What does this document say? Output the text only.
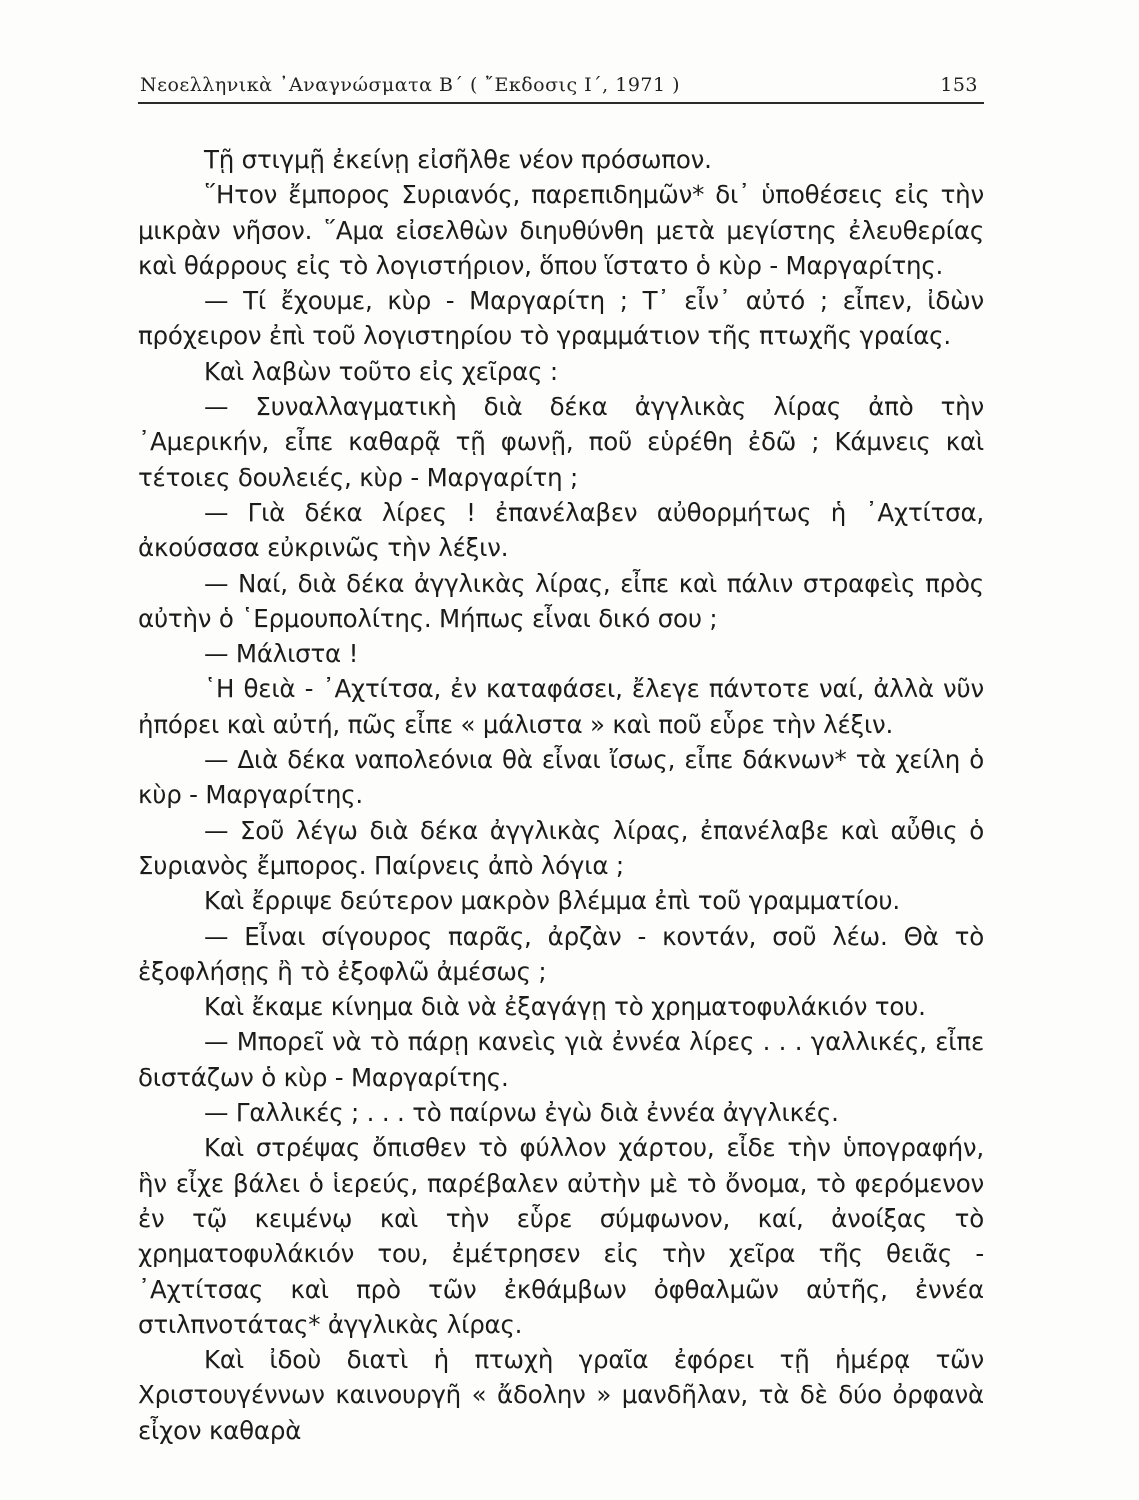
Νεοελληνικὰ ᾽Αναγνώσματα Β΄ ( ῎Εκδοσις Ι΄, 1971 )	153

Τῇ στιγμῇ ἐκείνῃ εἰσῆλθε νέον πρόσωπον.

῞Ητον ἔμπορος Συριανός, παρεπιδημῶν* δι᾽ ὑποθέσεις εἰς τὴν μικρὰν νῆσον. ῞Αμα εἰσελθὼν διηυθύνθη μετὰ μεγίστης ἐλευθερίας καὶ θάρρους εἰς τὸ λογιστήριον, ὅπου ἵστατο ὁ κὺρ - Μαργαρίτης.

— Τί ἔχουμε, κὺρ - Μαργαρίτη ; Τ᾽ εἶν᾽ αὐτό ; εἶπεν, ἰδὼν πρόχειρον ἐπὶ τοῦ λογιστηρίου τὸ γραμμάτιον τῆς πτωχῆς γραίας.

Καὶ λαβὼν τοῦτο εἰς χεῖρας :

— Συναλλαγματικὴ διὰ δέκα ἀγγλικὰς λίρας ἀπὸ τὴν ᾽Αμερικήν, εἶπε καθαρᾷ τῇ φωνῇ, ποῦ εὑρέθη ἐδῶ ; Κάμνεις καὶ τέτοιες δουλειές, κὺρ - Μαργαρίτη ;

— Γιὰ δέκα λίρες ! ἐπανέλαβεν αὐθορμήτως ἡ ᾽Αχτίτσα, ἀκούσασα εὐκρινῶς τὴν λέξιν.

— Ναί, διὰ δέκα ἀγγλικὰς λίρας, εἶπε καὶ πάλιν στραφεὶς πρὸς αὐτὴν ὁ ῾Ερμουπολίτης. Μήπως εἶναι δικό σου ;

— Μάλιστα !

῾Η θειὰ - ᾽Αχτίτσα, ἐν καταφάσει, ἔλεγε πάντοτε ναί, ἀλλὰ νῦν ἠπόρει καὶ αὐτή, πῶς εἶπε « μάλιστα » καὶ ποῦ εὗρε τὴν λέξιν.

— Διὰ δέκα ναπολεόνια θὰ εἶναι ἴσως, εἶπε δάκνων* τὰ χείλη ὁ κὺρ - Μαργαρίτης.

— Σοῦ λέγω διὰ δέκα ἀγγλικὰς λίρας, ἐπανέλαβε καὶ αὖθις ὁ Συριανὸς ἔμπορος. Παίρνεις ἀπὸ λόγια ;

Καὶ ἔρριψε δεύτερον μακρὸν βλέμμα ἐπὶ τοῦ γραμματίου.

— Εἶναι σίγουρος παρᾶς, ἀρζὰν - κοντάν, σοῦ λέω. Θὰ τὸ ἐξοφλήσῃς ἢ τὸ ἐξοφλῶ ἀμέσως ;

Καὶ ἔκαμε κίνημα διὰ νὰ ἐξαγάγῃ τὸ χρηματοφυλάκιόν του.

— Μπορεῖ νὰ τὸ πάρῃ κανεὶς γιὰ ἐννέα λίρες . . . γαλλικές, εἶπε διστάζων ὁ κὺρ - Μαργαρίτης.

— Γαλλικές ; . . . τὸ παίρνω ἐγὼ διὰ ἐννέα ἀγγλικές.

Καὶ στρέψας ὄπισθεν τὸ φύλλον χάρτου, εἶδε τὴν ὑπογραφήν, ἣν εἶχε βάλει ὁ ἱερεύς, παρέβαλεν αὐτὴν μὲ τὸ ὄνομα, τὸ φερόμενον ἐν τῷ κειμένῳ καὶ τὴν εὗρε σύμφωνον, καί, ἀνοίξας τὸ χρηματοφυλάκιόν του, ἐμέτρησεν εἰς τὴν χεῖρα τῆς θειᾶς - ᾽Αχτίτσας καὶ πρὸ τῶν ἐκθάμβων ὀφθαλμῶν αὐτῆς, ἐννέα στιλπνοτάτας* ἀγγλικὰς λίρας.

Καὶ ἰδοὺ διατὶ ἡ πτωχὴ γραῖα ἐφόρει τῇ ἡμέρᾳ τῶν Χριστουγέννων καινουργῆ « ἄδολην » μανδῆλαν, τὰ δὲ δύο ὀρφανὰ εἶχον καθαρὰ
